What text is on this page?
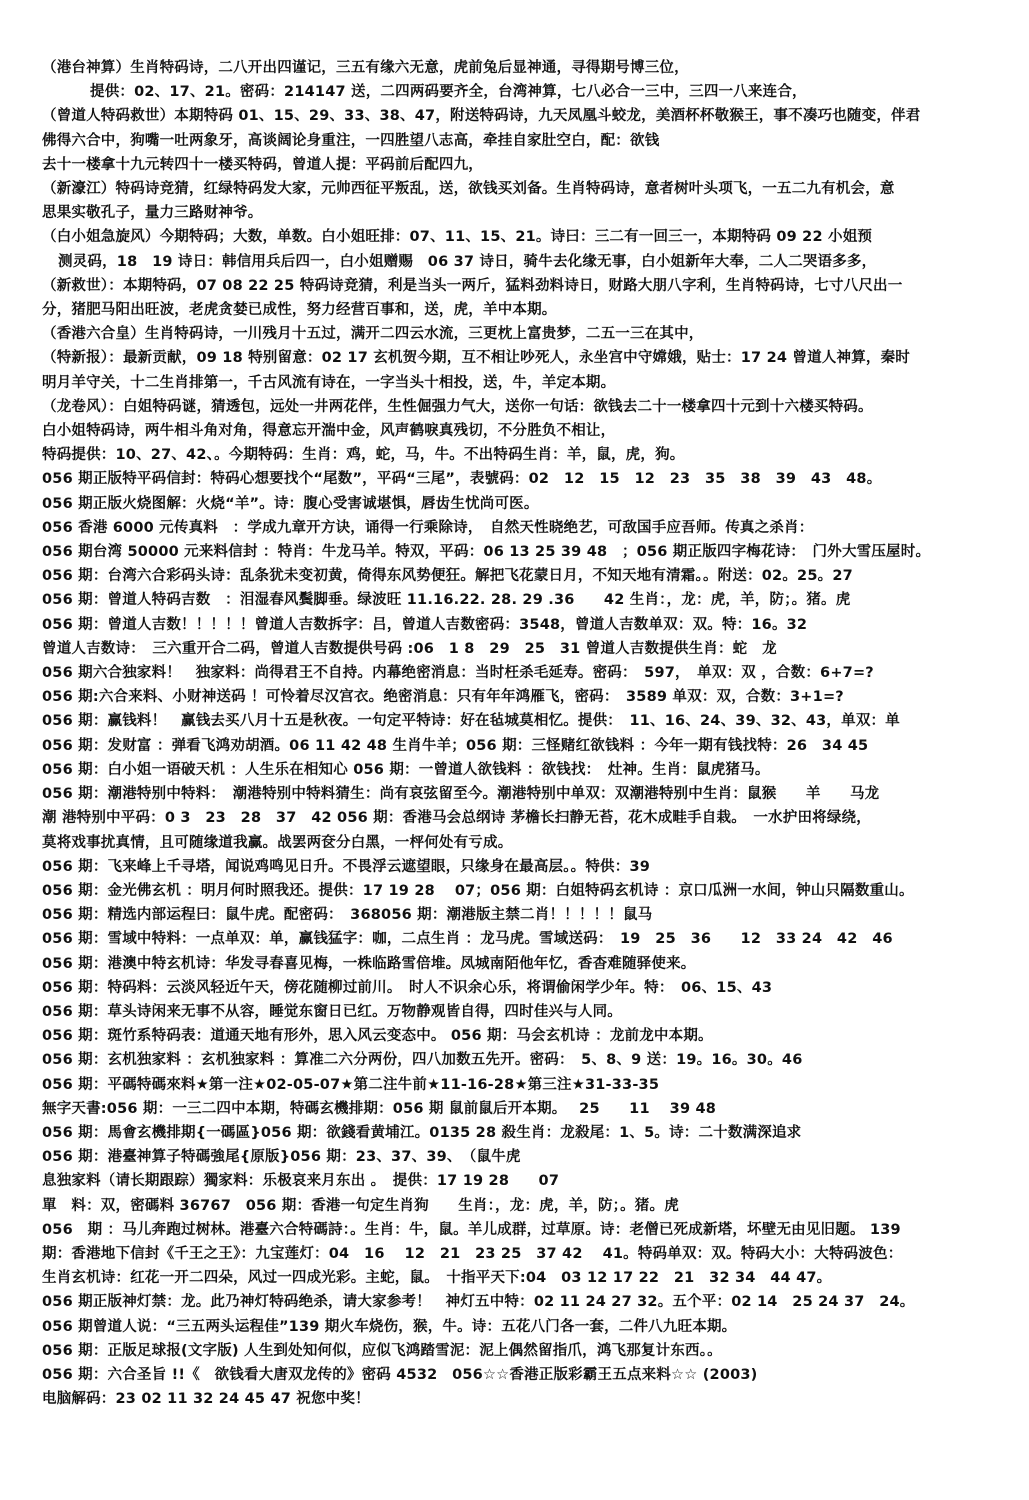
（港台神算）生肖特码诗，二八开出四谨记，三五有缘六无意，虎前兔后显神通，寻得期号博三位，
提供：02、17、21。密码：214147 送，二四两码要齐全，台湾神算，七八必合一三中，三四一八来连合，
（曾道人特码救世）本期特码 01、15、29、33、38、47，附送特码诗，九天凤凰斗蛟龙，美酒杯杯敬猴王，事不凑巧也随变，伴君
佛得六合中，狗嘴一吐两象牙，高谈阔论身重注，一四胜望八志高，牵挂自家肚空白，配：欲钱
去十一楼拿十九元转四十一楼买特码，曾道人提：平码前后配四九，
（新濠江）特码诗竞猜，红绿特码发大家，元帅西征平叛乱，送，欲钱买刘备。生肖特码诗，意者树叶头项飞，一五二九有机会，意
思果实敬孔子，量力三路财神爷。
（白小姐急旋风）今期特码；大数，单数。白小姐旺排：07、11、15、21。诗曰：三二有一回三一，本期特码 09 22 小姐预
测灵码，18　19 诗日：韩信用兵后四一，白小姐赠赐　06 37 诗日，骑牛去化缘无事，白小姐新年大奉，二人二哭语多多，
（新救世）：本期特码，07 08 22 25 特码诗竞猜，利是当头一两斤，猛料劲料诗日，财路大朋八字利，生肖特码诗，七寸八尺出一
分，猪肥马阳出旺波，老虎贪婪已成性，努力经营百事和，送，虎，羊中本期。
（香港六合皇）生肖特码诗，一川残月十五过，满开二四云水流，三更枕上富贵梦，二五一三在其中，
（特新报）：最新贡献，09 18 特别留意：02 17 玄机贺今期，互不相让吵死人，永坐宫中守嫦娥，贴士：17 24 曾道人神算，秦时
明月羊守关，十二生肖排第一，千古风流有诗在，一字当头十相投，送，牛，羊定本期。
（龙卷风）：白姐特码谜，猜透包，远处一井两花伴，生性倔强力气大，送你一句话：欲钱去二十一楼拿四十元到十六楼买特码。
白小姐特码诗，两牛相斗角对角，得意忘开湍中金，风声鹤唳真残切，不分胜负不相让，
特码提供：10、27、42、。今期特码：生肖：鸡，蛇，马，牛。不出特码生肖：羊，鼠，虎，狗。
056 期正版特平码信封：特码心想要找个“尾数”，平码“三尾”，表號码：02　12　15　12　23　35　38　39　43　48。
056 期正版火烧图解：火烧“羊”。诗：腹心受害诚堪惧，唇齿生忧尚可医。
056 香港 6000 元传真料　：学成九章开方诀，诵得一行乘除诗，　自然天性晓绝艺，可敌国手应吾师。传真之杀肖：
056 期台湾 50000 元来料信封 ：特肖：牛龙马羊。特双，平码：06 13 25 39 48　；056 期正版四字梅花诗：　门外大雪压屋时。
056 期：台湾六合彩码头诗：乱条犹未变初黄，倚得东风势便狂。解把飞花蒙日月，不知天地有清霜。。附送：02。25。27
056 期：曾道人特码吉数　：泪湿春风鬓脚垂。绿波旺 11.16.22. 28. 29 .36　　42 生肖：，龙：虎，羊，防；。猪。虎
056 期：曾道人吉数！！！！！曾道人吉数拆字：吕，曾道人吉数密码：3548，曾道人吉数单双：双。特：16。32
曾道人吉数诗：　三六重开合二码，曾道人吉数提供号码 :06　1 8　29　25　31 曾道人吉数提供生肖：蛇　龙
056 期六合独家料！　独家料：尚得君王不自持。内幕绝密消息：当时枉杀毛延寿。密码：　597，　单双：双 ，合数：6+7=?
056 期:六合来料、小财神送码 ！可怜着尽汉宫衣。绝密消息：只有年年鸿雁飞，密码：　3589 单双：双，合数：3+1=?
056 期：赢钱料！　赢钱去买八月十五是秋夜。一句定平特诗：好在毡城莫相忆。提供：　11、16、24、39、32、43，单双：单
056 期：发财富 ：弹看飞鸿劝胡酒。06 11 42 48 生肖牛羊；056 期：三怪赌红欲钱料 ：今年一期有钱找特：26　34 45
056 期：白小姐一语破天机 ：人生乐在相知心 056 期：一曾道人欲钱料 ：欲钱找：　灶神。生肖：鼠虎猪马。
056 期：潮港特别中特料：　潮港特别中特料猜生：尚有哀弦留至今。潮港特别中单双：双潮港特别中生肖：鼠猴　　羊　　马龙
潮 港特别中平码：0 3　23　28　37　42 056 期：香港马会总纲诗 茅檐长扫静无苔，花木成畦手自栽。　一水护田将绿绕，
莫将戏事扰真情，且可随缘道我赢。战罢两奁分白黑，一枰何处有亏成。
056 期：飞来峰上千寻塔，闻说鸡鸣见日升。不畏浮云遮望眼，只缘身在最高层。。特供：39
056 期：金光佛玄机 ：明月何时照我还。提供：17 19 28　 07；056 期：白姐特码玄机诗 ：京口瓜洲一水间，钟山只隔数重山。
056 期：精选内部运程曰：鼠牛虎。配密码：　368056 期：潮港版主禁二肖！！！！！鼠马
056 期：雪域中特料：一点单双：单，赢钱猛字：咖，二点生肖 ：龙马虎。雪域送码：　19　25　36　　12　33 24　42　46
056 期：港澳中特玄机诗：华发寻春喜见梅，一株临路雪倍堆。凤城南陌他年忆，香杳难随驿使来。
056 期：特码料：云淡风轻近午天，傍花随柳过前川。　时人不识余心乐，将谓偷闲学少年。特：　06、15、43
056 期：草头诗闲来无事不从容，睡觉东窗日已红。万物静观皆自得，四时佳兴与人同。
056 期：斑竹系特码表：道通天地有形外，思入风云变态中。 056 期：马会玄机诗 ：龙前龙中本期。
056 期：玄机独家料 ：玄机独家料 ：算准二六分两份，四八加数五先开。密码：　5、8、9 送：19。16。30。46
056 期：平碼特碼來料★第一注★02-05-07★第二注牛前★11-16-28★第三注★31-33-35
無字天書:056 期：一三二四中本期，特碼玄機排期：056 期 鼠前鼠后开本期。　 25　　11　 39 48
056 期：馬會玄機排期{一碼區}056 期：欲錢看黄埔江。0135 28 殺生肖：龙殺尾：1、5。诗：二十数满深追求
056 期：港臺神算子特碼強尾{原版}056 期：23、37、39、　（鼠牛虎
息独家料（请长期跟踪）獨家料：乐极哀来月东出 。　提供：17 19 28　　07
單　料：双，密碼料 36767　056 期：香港一句定生肖狗　　生肖：，龙：虎，羊，防；。猪。虎
056　期 ：马儿奔跑过树林。港臺六合特碼詩：。生肖：牛，鼠。羊儿成群，过草原。诗：老僧已死成新塔，坏壁无由见旧题。 139
期：香港地下信封《千王之王》：九宝莲灯：04　16　 12　21　23 25　37 42　 41。特码单双：双。特码大小：大特码波色：
生肖玄机诗：红花一开二四朵，风过一四成光彩。主蛇，鼠。　十指平天下:04　03 12 17 22　21　32 34　44 47。
056 期正版神灯禁：龙。此乃神灯特码绝杀，请大家参考！　神灯五中特：02 11 24 27 32。五个平：02 14　25 24 37　24。
056 期曾道人说：“三五两头运程佳”139 期火车烧伤，猴，牛。诗：五花八门各一套，二件八九旺本期。
056 期：正版足球报(文字版) 人生到处知何似，应似飞鸿踏雪泥：泥上偶然留指爪，鸿飞那复计东西。。
056 期：六合圣旨 !!《　欲钱看大唐双龙传的》密码 4532　056☆☆香港正版彩霸王五点来料☆☆ (2003)
电脑解码：23 02 11 32 24 45 47 祝您中奖！
